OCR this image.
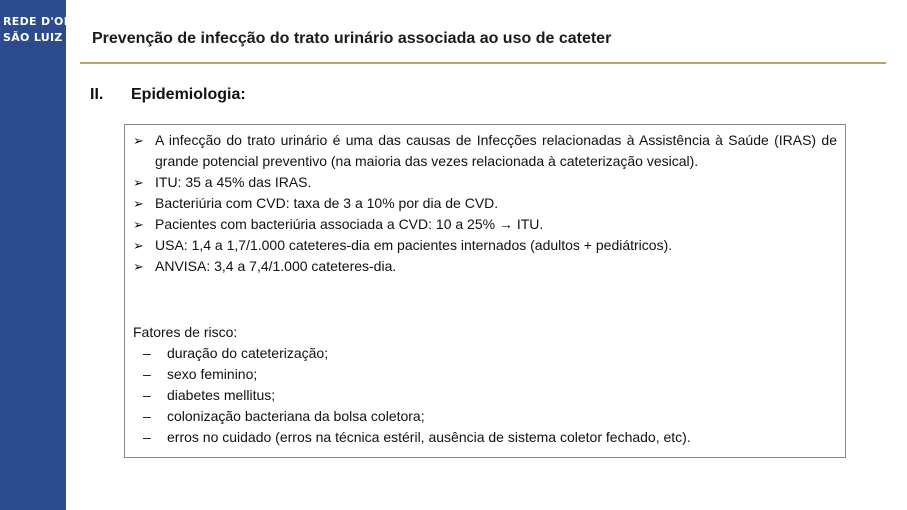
REDE D'OR
SÃO LUIZ Prevenção de infecção do trato urinário associada ao uso de cateter
II. Epidemiologia:
➢ A infecção do trato urinário é uma das causas de Infecções relacionadas à Assistência à Saúde (IRAS) de grande potencial preventivo (na maioria das vezes relacionada à cateterização vesical).
➢ ITU: 35 a 45% das IRAS.
➢ Bacteriúria com CVD: taxa de 3 a 10% por dia de CVD.
➢ Pacientes com bacteriúria associada a CVD: 10 a 25% → ITU.
➢ USA: 1,4 a 1,7/1.000 cateteres-dia em pacientes internados (adultos + pediátricos).
➢ ANVISA: 3,4 a 7,4/1.000 cateteres-dia.
Fatores de risco:
– duração do cateterização;
– sexo feminino;
– diabetes mellitus;
– colonização bacteriana da bolsa coletora;
– erros no cuidado (erros na técnica estéril, ausência de sistema coletor fechado, etc).
